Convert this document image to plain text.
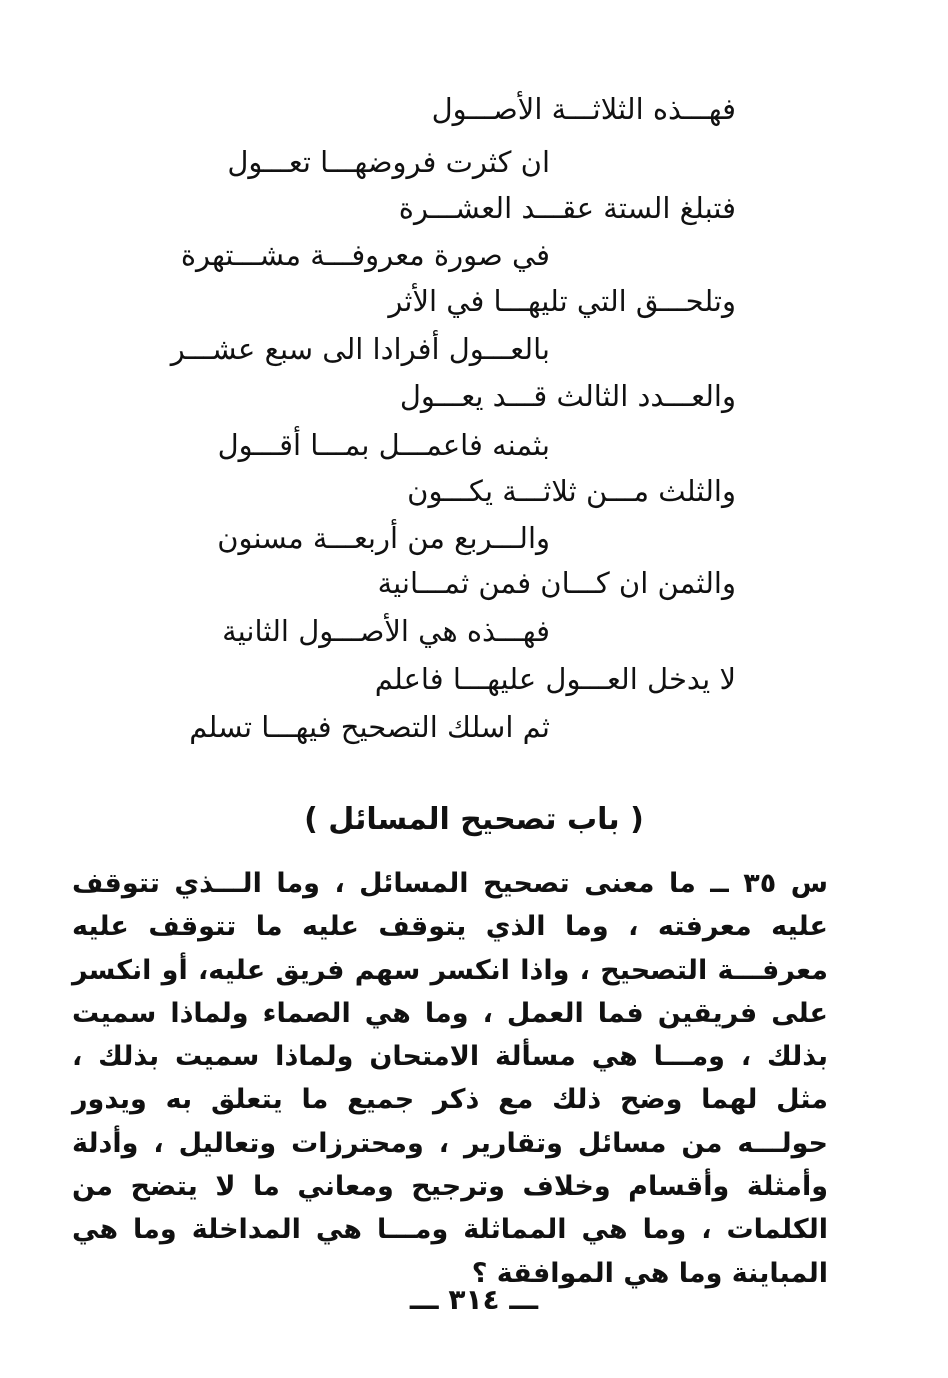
فهـــذه الثلاثـــة الأصـــول
ان كثرت فروضهـــا تعـــول
فتبلغ الستة عقـــد العشـــرة
في صورة معروفـــة مشـــتهرة
وتلحـــق التي تليهـــا في الأثر
بالعـــول أفرادا الى سبع عشـــر
والعـــدد الثالث قـــد يعـــول
بثمنه فاعمـــل بمـــا أقـــول
والثلث مـــن ثلاثـــة يكـــون
والـــربع من أربعـــة مسنون
والثمن ان كـــان فمن ثمـــانية
فهـــذه هي الأصـــول الثانية
لا يدخل العـــول عليهـــا فاعلم
ثم اسلك التصحيح فيهـــا تسلم
( باب تصحيح المسائل )
س ٣٥ ــ ما معنى تصحيح المسائل ، وما الـــذي تتوقف عليه معرفته ، وما الذي يتوقف عليه ما تتوقف عليه معرفـــة التصحيح ، واذا انكسر سهم فريق عليه، أو انكسر على فريقين فما العمل ، وما هي الصماء ولماذا سميت بذلك ، ومـــا هي مسألة الامتحان ولماذا سميت بذلك ، مثل لهما وضح ذلك مع ذكر جميع ما يتعلق به ويدور حولـــه من مسائل وتقارير ، ومحترزات وتعاليل ، وأدلة وأمثلة وأقسام وخلاف وترجيح ومعاني ما لا يتضح من الكلمات ، وما هي المماثلة ومـــا هي المداخلة وما هي المباينة وما هي الموافقة ؟
ـــ ٣١٤ ـــ
